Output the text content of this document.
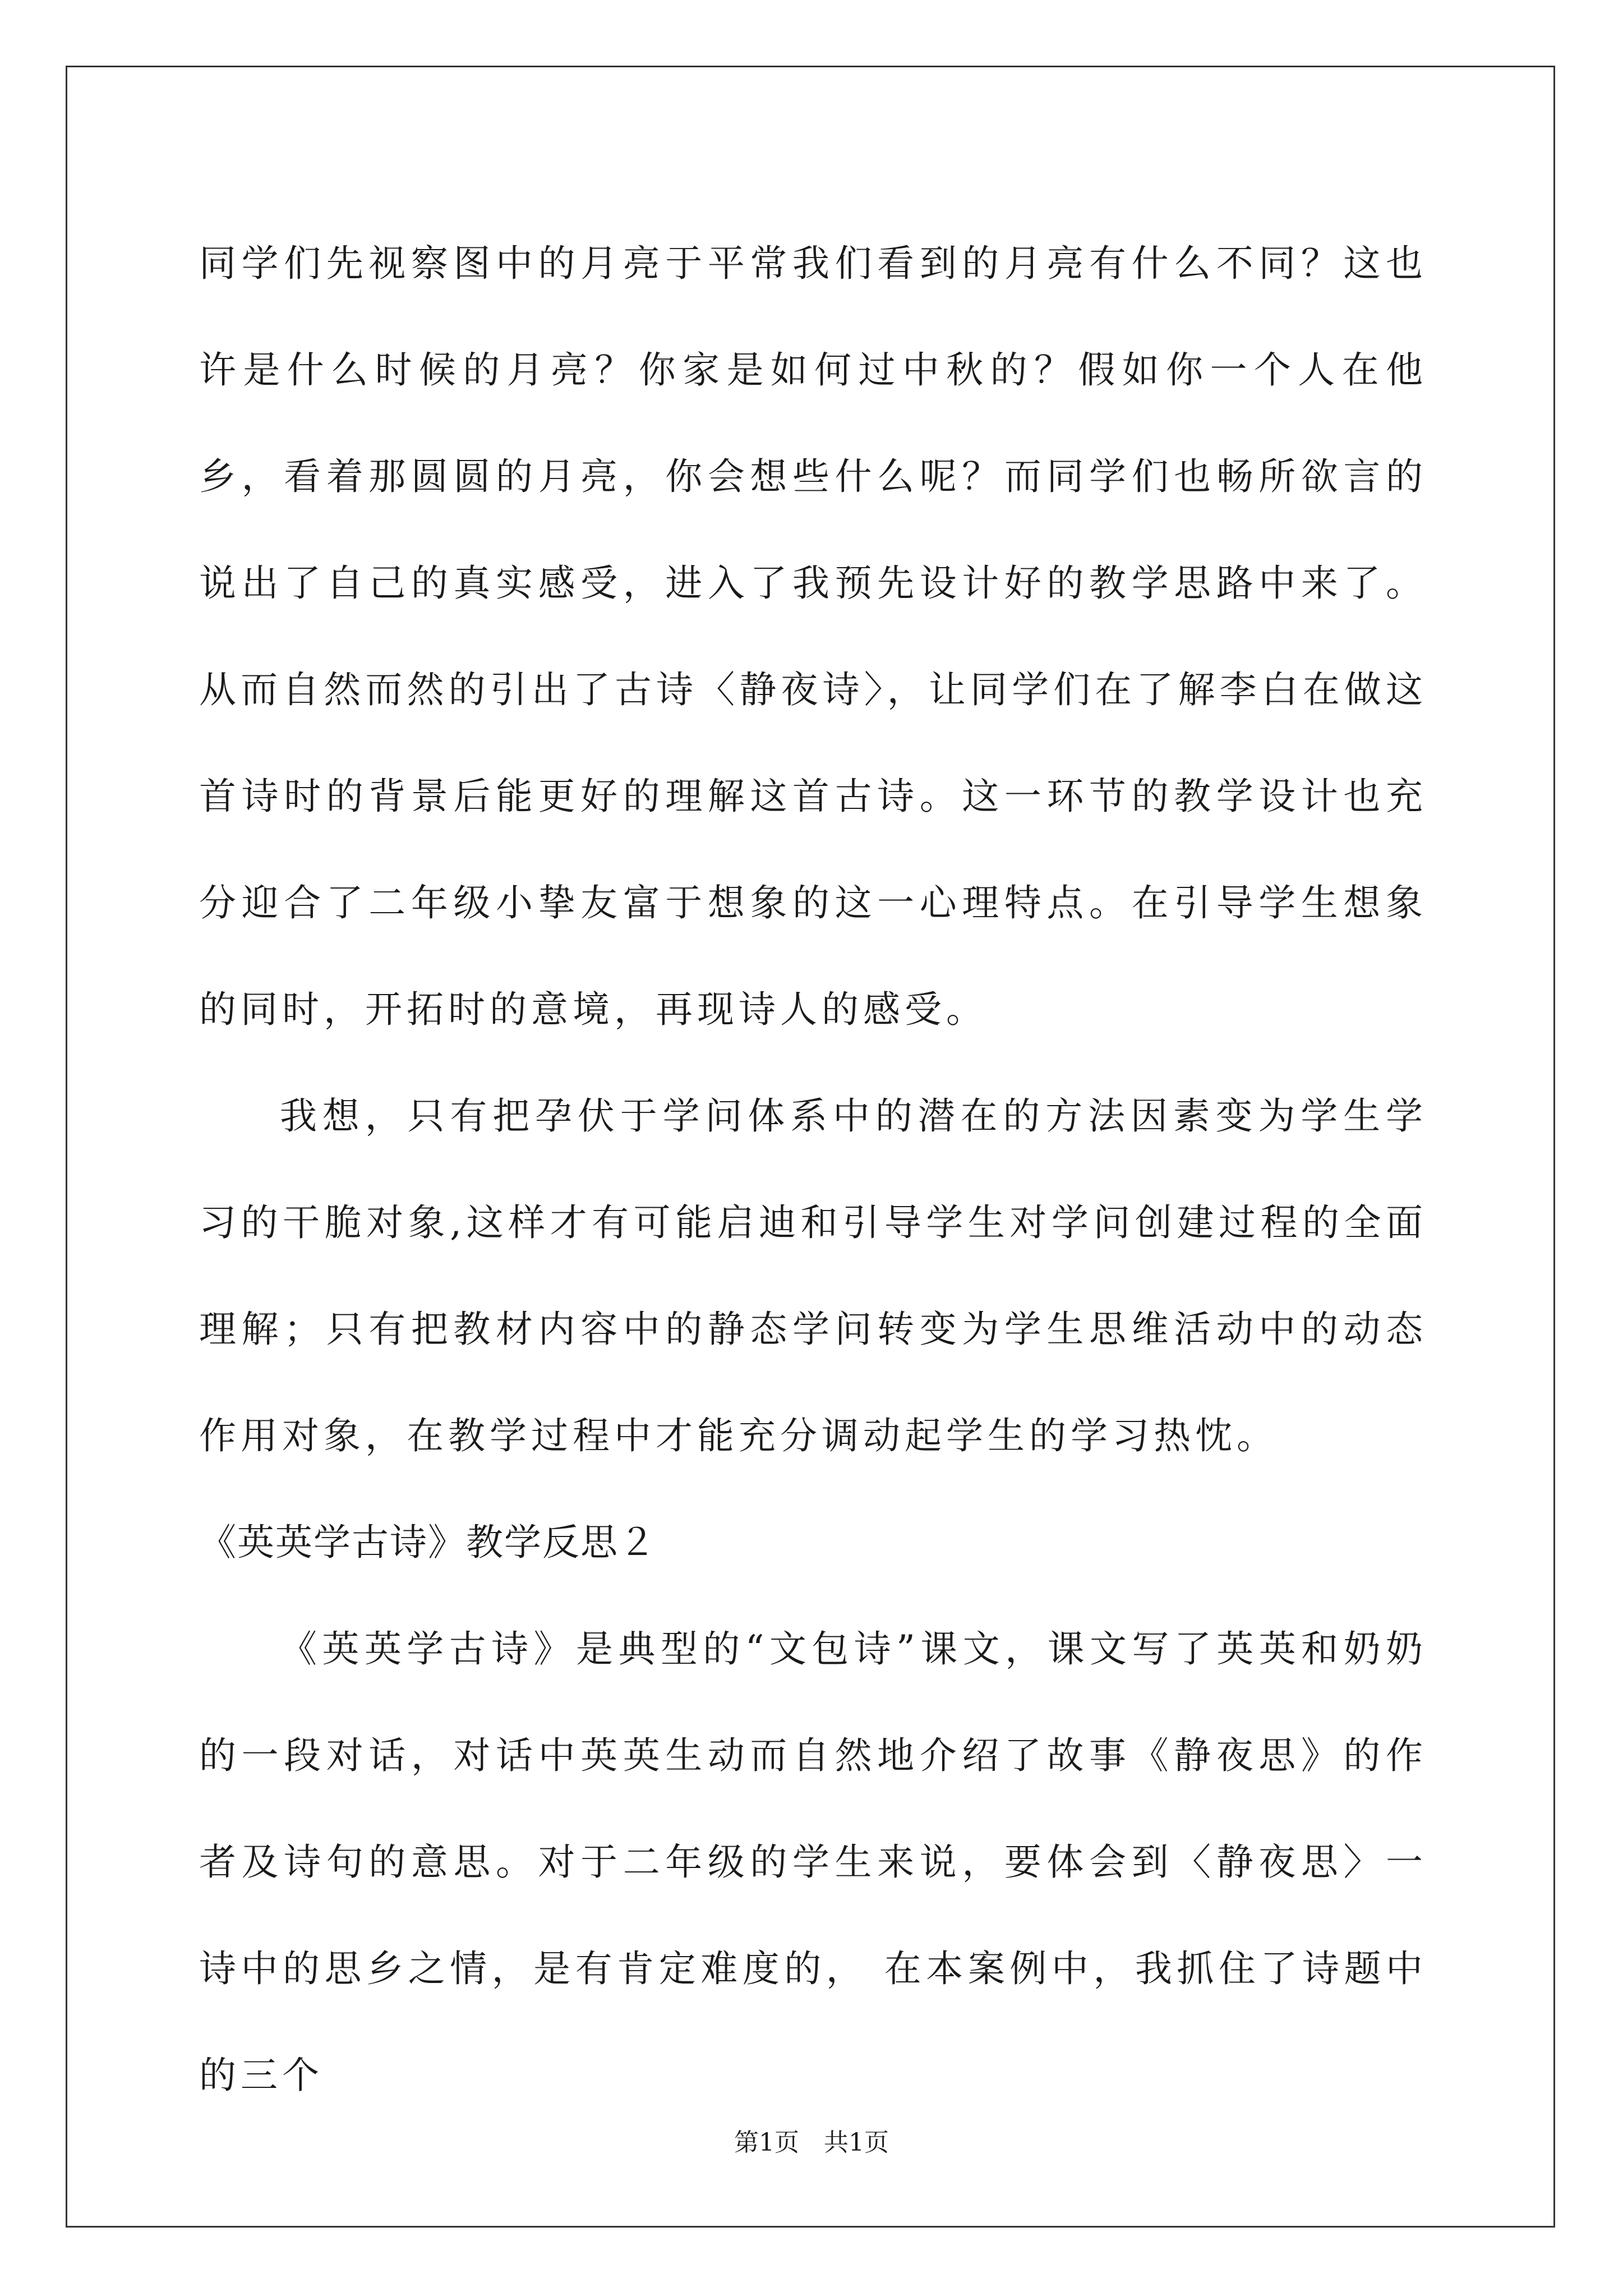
同学们先视察图中的月亮于平常我们看到的月亮有什么不同？这也许是什么时候的月亮？你家是如何过中秋的？假如你一个人在他乡，看着那圆圆的月亮，你会想些什么呢？而同学们也畅所欲言的说出了自己的真实感受，进入了我预先设计好的教学思路中来了。从而自然而然的引出了古诗〈静夜诗〉，让同学们在了解李白在做这首诗时的背景后能更好的理解这首古诗。这一环节的教学设计也充分迎合了二年级小挚友富于想象的这一心理特点。在引导学生想象的同时，开拓时的意境，再现诗人的感受。

我想，只有把孕伏于学问体系中的潜在的方法因素变为学生学习的干脆对象,这样才有可能启迪和引导学生对学问创建过程的全面理解；只有把教材内容中的静态学问转变为学生思维活动中的动态作用对象，在教学过程中才能充分调动起学生的学习热忱。

《英英学古诗》教学反思２

《英英学古诗》是典型的“文包诗”课文，课文写了英英和奶奶的一段对话，对话中英英生动而自然地介绍了故事《静夜思》的作者及诗句的意思。对于二年级的学生来说，要体会到〈静夜思〉一诗中的思乡之情，是有肯定难度的， 在本案例中，我抓住了诗题中的三个

第1页 共1页
